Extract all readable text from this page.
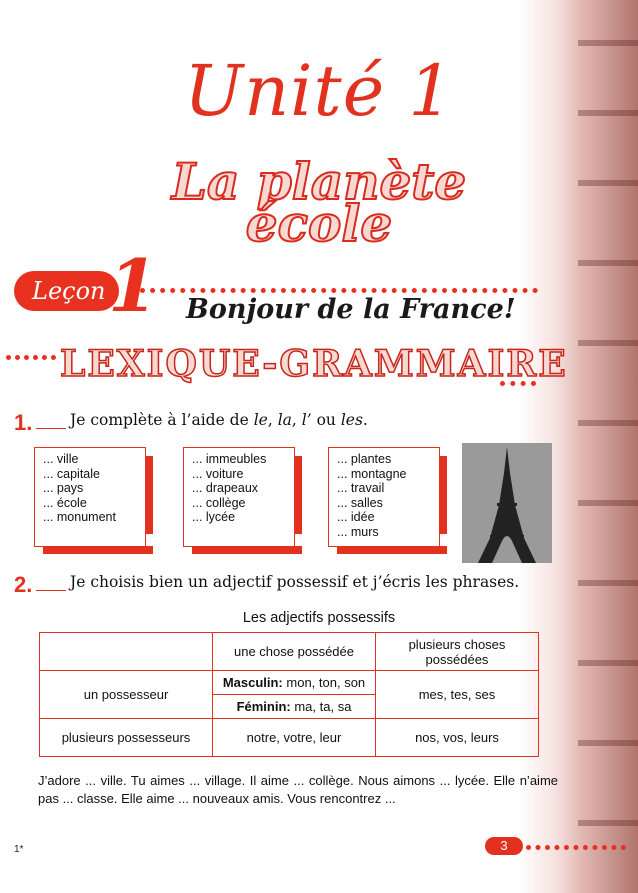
Unité 1
La planète
école
Leçon 1 Bonjour de la France!
LEXIQUE-GRAMMAIRE
1. Je complète à l’aide de le, la, l’ ou les.
... ville
... capitale
... pays
... école
... monument
... immeubles
... voiture
... drapeaux
... collège
... lycée
... plantes
... montagne
... travail
... salles
... idée
... murs
2. Je choisis bien un adjectif possessif et j’écris les phrases.
Les adjectifs possessifs
	une chose possédée	plusieurs choses possédées
un possesseur	Masculin: mon, ton, son	mes, tes, ses
	Féminin: ma, ta, sa	
plusieurs possesseurs	notre, votre, leur	nos, vos, leurs
J’adore ... ville. Tu aimes ... village. Il aime ... collège. Nous aimons ... lycée. Elle n’aime pas ... classe. Elle aime ... nouveaux amis. Vous rencontrez ...
3
1*
